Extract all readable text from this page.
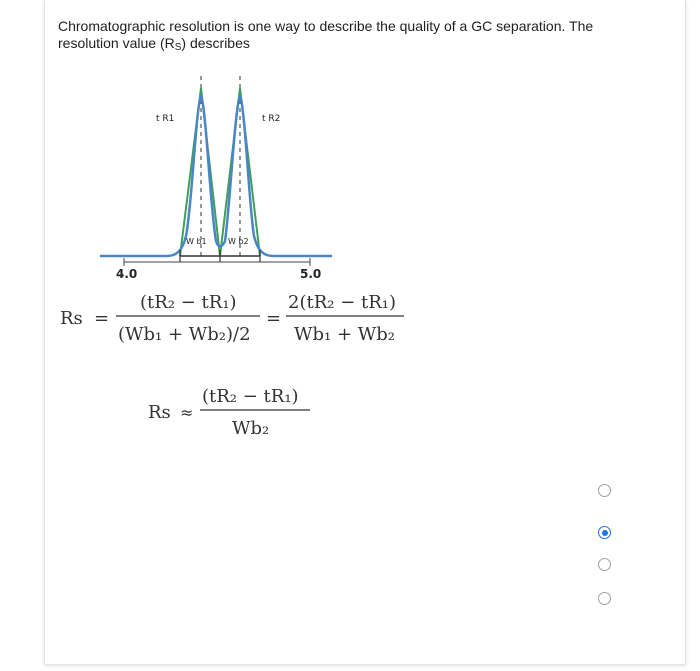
Chromatographic resolution is one way to describe the quality of a GC separation. The
resolution value $(R_S)$ describes
t R1	t R2
W b1	W b2
4.0	5.0
Rs =
(tR₂ − tR₁)
(Wb₁ + Wb₂)/2
=
2(tR₂ − tR₁)
Wb₁ + Wb₂
Rs ≈
(tR₂ − tR₁)
Wb₂
